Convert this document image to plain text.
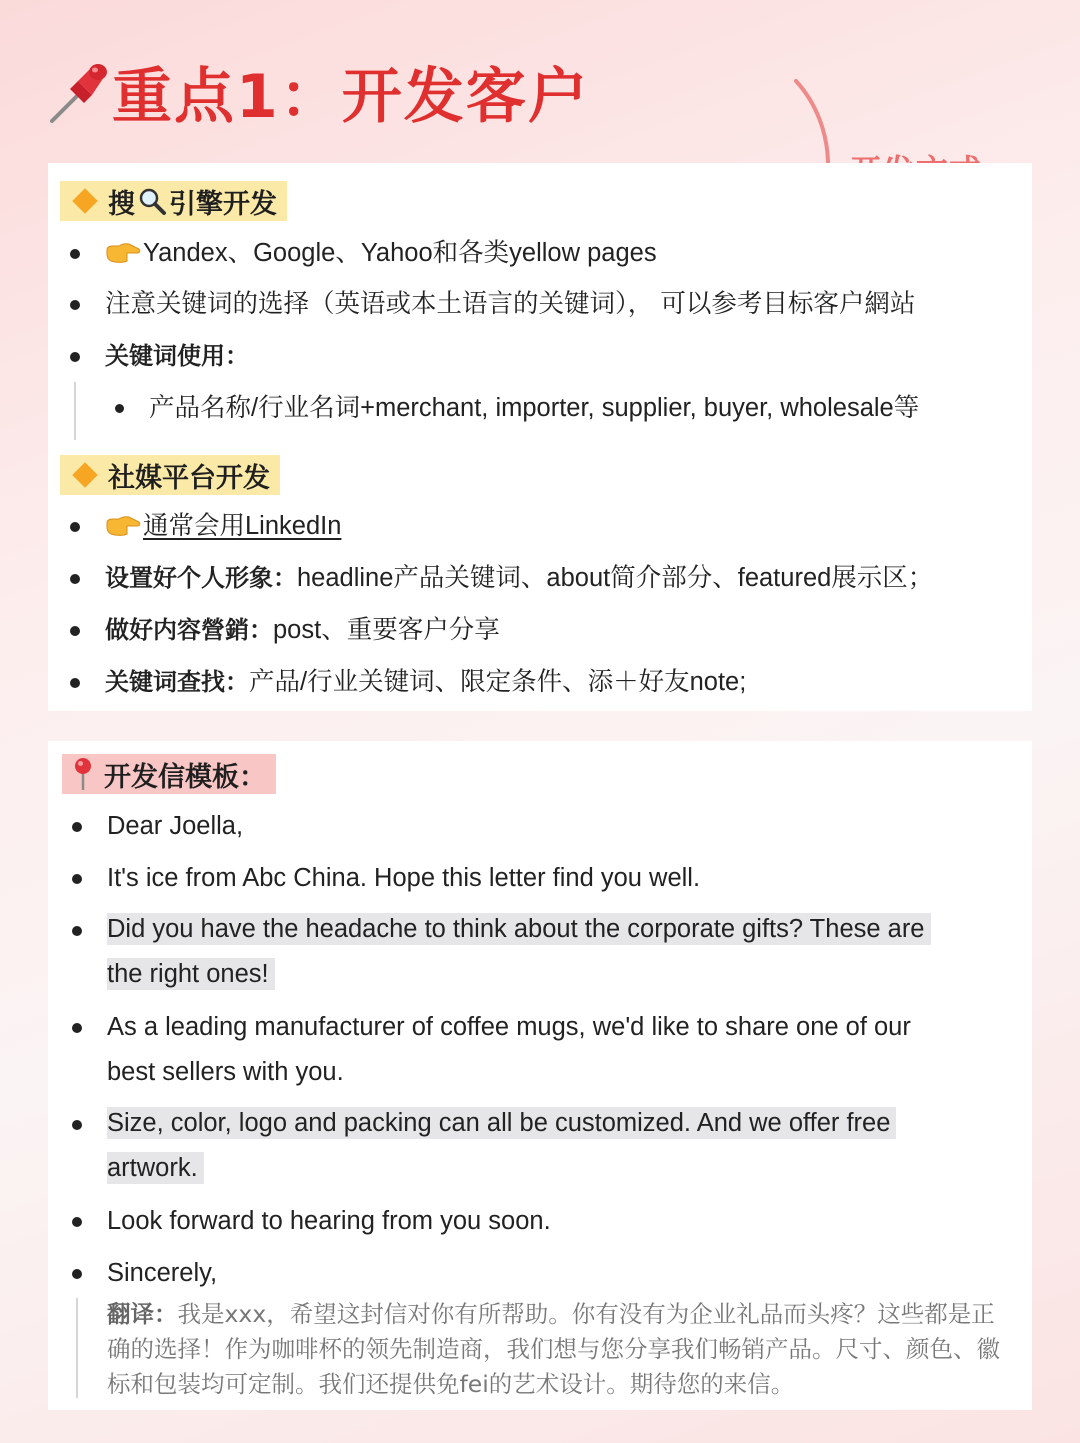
重点1：开发客户
搜 引擎开发
Yandex、Google、Yahoo和各类yellow pages
注意关键词的选择（英语或本土语言的关键词）， 可以参考目标客户網站
关键词使用：
产品名称/行业名词+merchant, importer, supplier, buyer, wholesale等
社媒平台开发
通常会用LinkedIn
设置好个人形象：headline产品关键词、about简介部分、featured展示区；
做好内容營銷：post、重要客户分享
关键词查找：产品/行业关键词、限定条件、添＋好友note;
开发信模板：
Dear Joella,
It's ice from Abc China. Hope this letter find you well.
Did you have the headache to think about the corporate gifts? These are
the right ones!
As a leading manufacturer of coffee mugs, we'd like to share one of our
best sellers with you.
Size, color, logo and packing can all be customized. And we offer free
artwork.
Look forward to hearing from you soon.
Sincerely,
翻译：我是xxx，希望这封信对你有所帮助。你有没有为企业礼品而头疼？这些都是正
确的选择！作为咖啡杯的领先制造商，我们想与您分享我们畅销产品。尺寸、颜色、徽
标和包装均可定制。我们还提供免fei的艺术设计。期待您的来信。
